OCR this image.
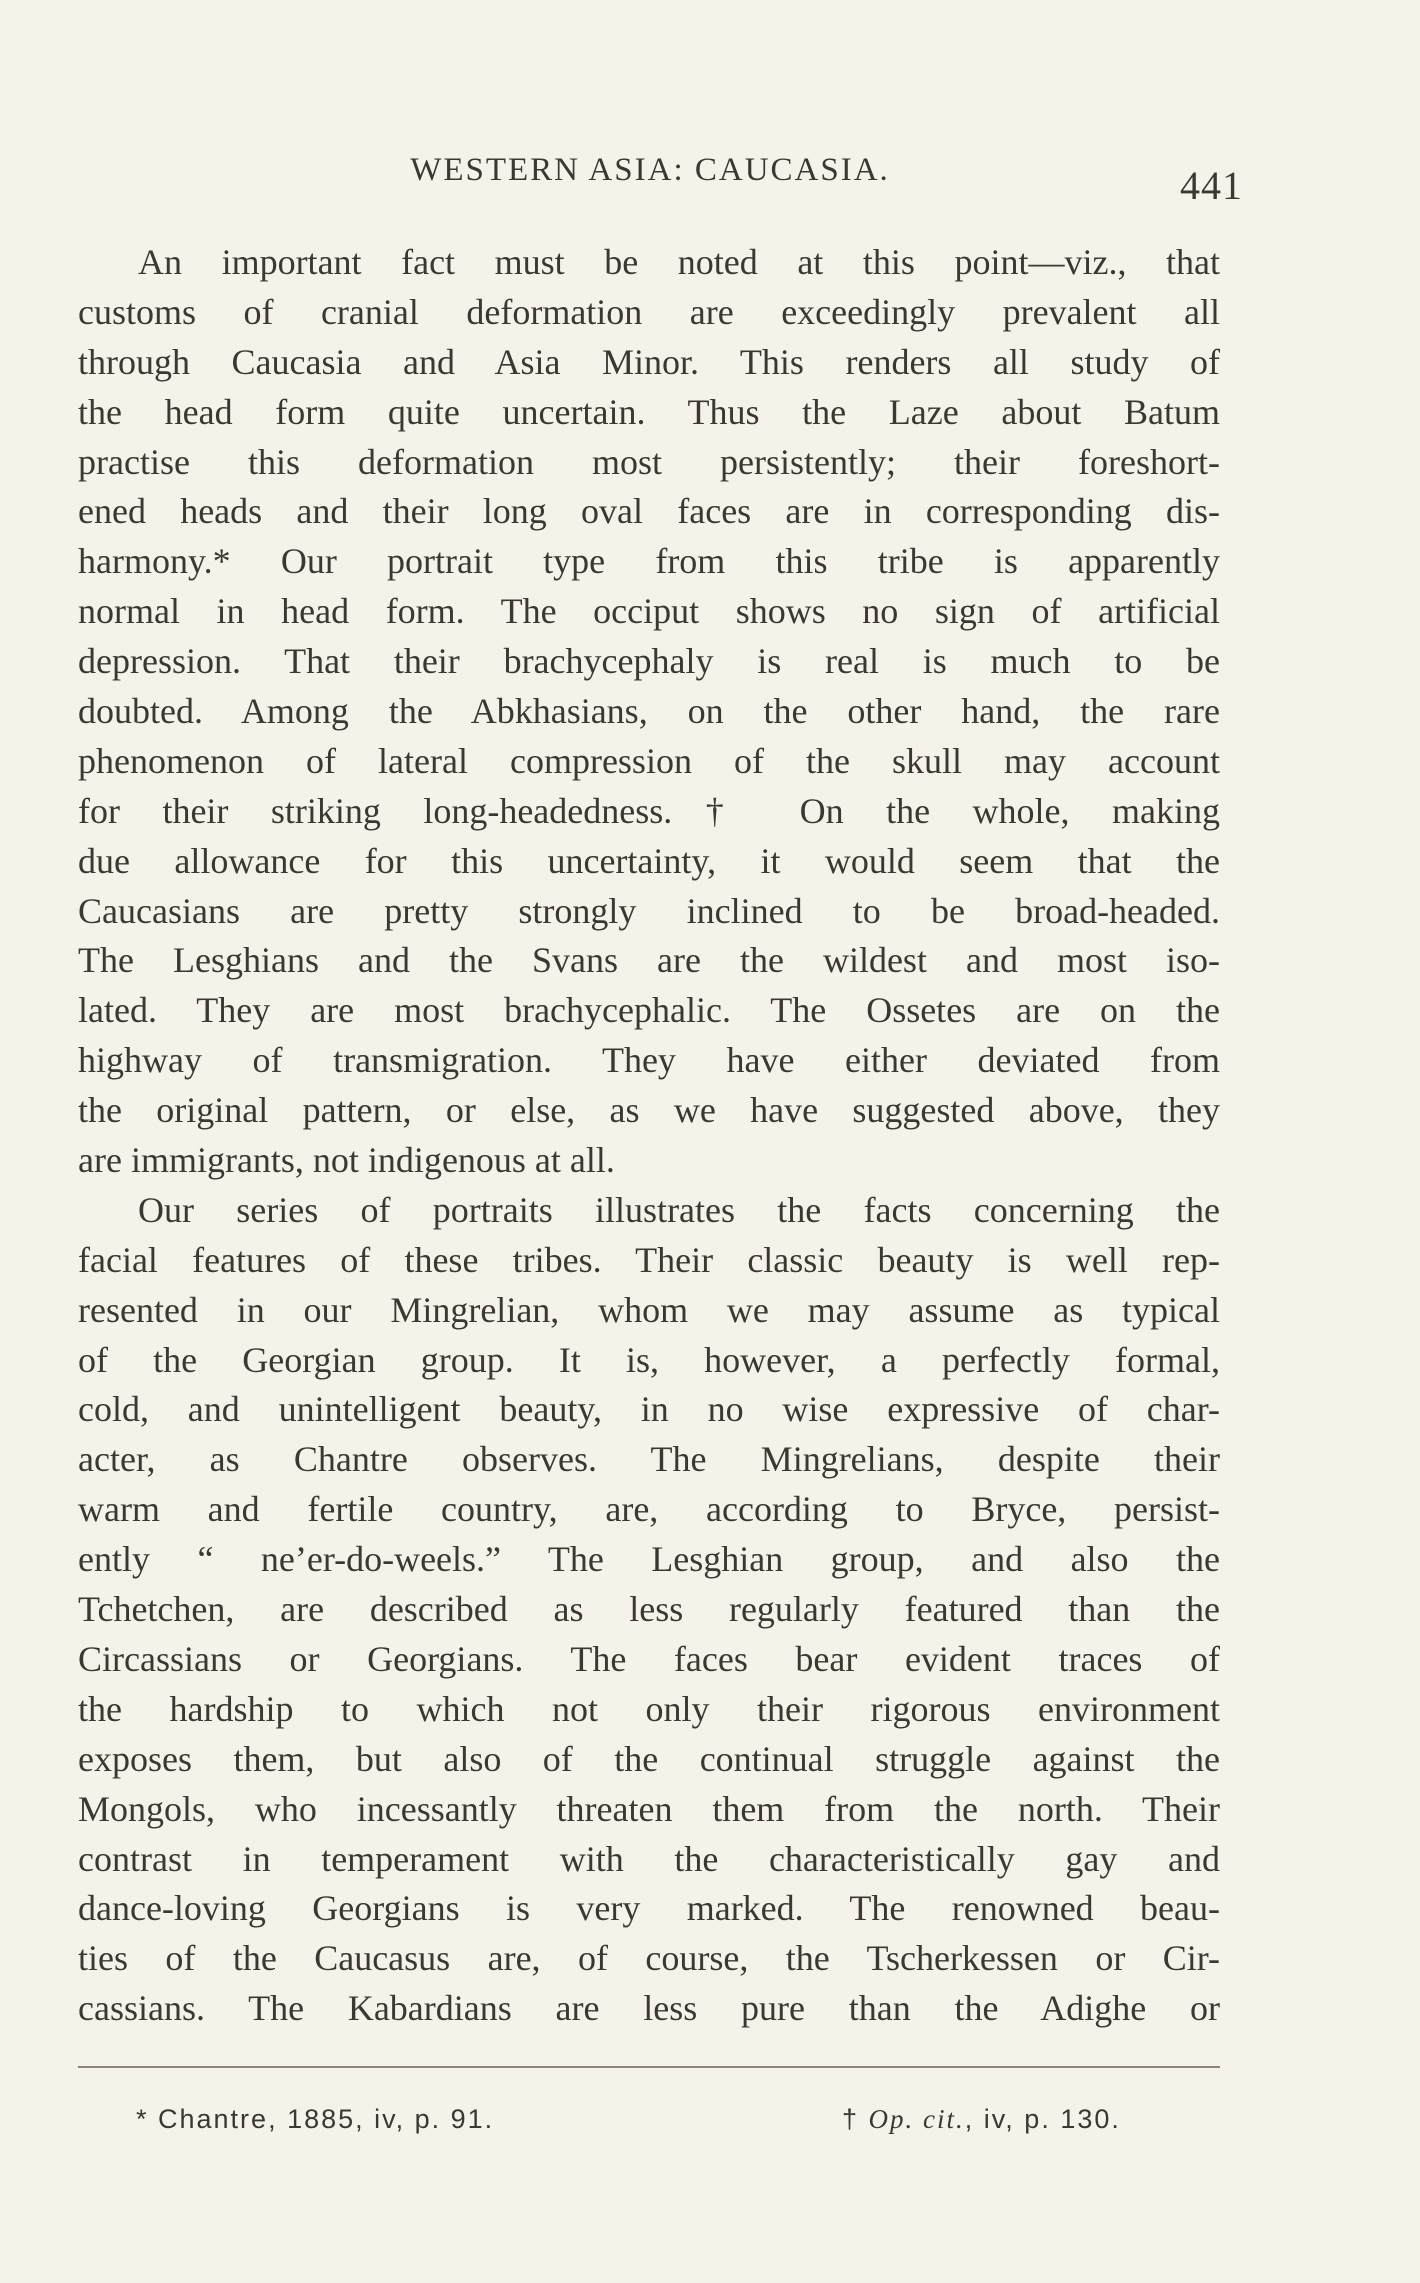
WESTERN ASIA: CAUCASIA.	441
An important fact must be noted at this point—viz., that
customs of cranial deformation are exceedingly prevalent all
through Caucasia and Asia Minor. This renders all study of
the head form quite uncertain. Thus the Laze about Batum
practise this deformation most persistently; their foreshort-
ened heads and their long oval faces are in corresponding dis-
harmony.* Our portrait type from this tribe is apparently
normal in head form. The occiput shows no sign of artificial
depression. That their brachycephaly is real is much to be
doubted. Among the Abkhasians, on the other hand, the rare
phenomenon of lateral compression of the skull may account
for their striking long-headedness.† On the whole, making
due allowance for this uncertainty, it would seem that the
Caucasians are pretty strongly inclined to be broad-headed.
The Lesghians and the Svans are the wildest and most iso-
lated. They are most brachycephalic. The Ossetes are on the
highway of transmigration. They have either deviated from
the original pattern, or else, as we have suggested above, they
are immigrants, not indigenous at all.
Our series of portraits illustrates the facts concerning the
facial features of these tribes. Their classic beauty is well rep-
resented in our Mingrelian, whom we may assume as typical
of the Georgian group. It is, however, a perfectly formal,
cold, and unintelligent beauty, in no wise expressive of char-
acter, as Chantre observes. The Mingrelians, despite their
warm and fertile country, are, according to Bryce, persist-
ently “ ne’er-do-weels.” The Lesghian group, and also the
Tchetchen, are described as less regularly featured than the
Circassians or Georgians. The faces bear evident traces of
the hardship to which not only their rigorous environment
exposes them, but also of the continual struggle against the
Mongols, who incessantly threaten them from the north. Their
contrast in temperament with the characteristically gay and
dance-loving Georgians is very marked. The renowned beau-
ties of the Caucasus are, of course, the Tscherkessen or Cir-
cassians. The Kabardians are less pure than the Adighe or
* Chantre, 1885, iv, p. 91.	† Op. cit., iv, p. 130.
